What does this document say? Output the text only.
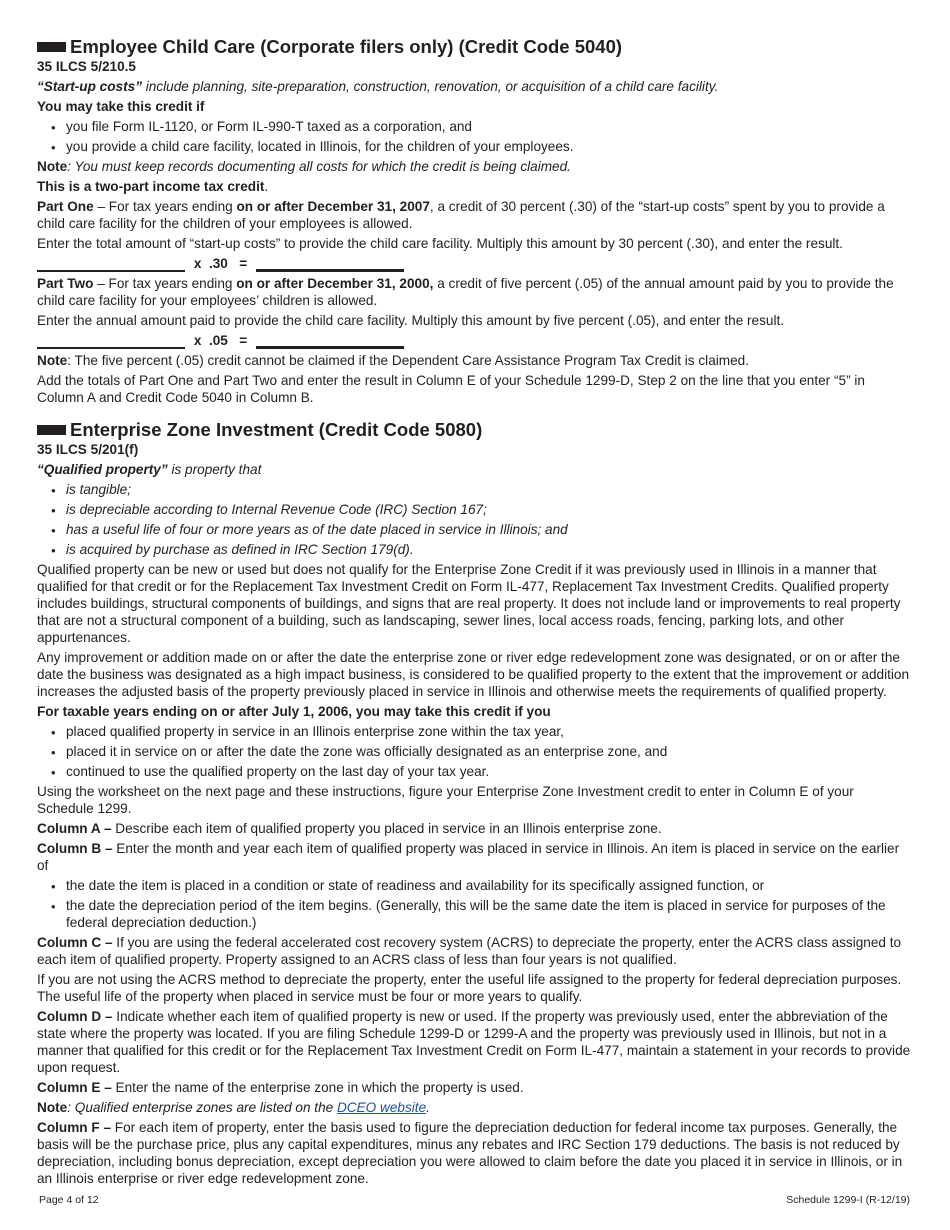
Employee Child Care (Corporate filers only) (Credit Code 5040)

35 ILCS 5/210.5

“Start-up costs” include planning, site-preparation, construction, renovation, or acquisition of a child care facility.

You may take this credit if

• you file Form IL-1120, or Form IL-990-T taxed as a corporation, and
• you provide a child care facility, located in Illinois, for the children of your employees.

Note: You must keep records documenting all costs for which the credit is being claimed.

This is a two-part income tax credit.

Part One – For tax years ending on or after December 31, 2007, a credit of 30 percent (.30) of the “start-up costs” spent by you to provide a child care facility for the children of your employees is allowed.

Enter the total amount of “start-up costs” to provide the child care facility. Multiply this amount by 30 percent (.30), and enter the result.

x  .30   =

Part Two – For tax years ending on or after December 31, 2000, a credit of five percent (.05) of the annual amount paid by you to provide the child care facility for your employees’ children is allowed.

Enter the annual amount paid to provide the child care facility. Multiply this amount by five percent (.05), and enter the result.

x  .05   =

Note: The five percent (.05) credit cannot be claimed if the Dependent Care Assistance Program Tax Credit is claimed.

Add the totals of Part One and Part Two and enter the result in Column E of your Schedule 1299-D, Step 2 on the line that you enter “5” in Column A and Credit Code 5040 in Column B.

Enterprise Zone Investment (Credit Code 5080)

35 ILCS 5/201(f)

“Qualified property” is property that

• is tangible;
• is depreciable according to Internal Revenue Code (IRC) Section 167;
• has a useful life of four or more years as of the date placed in service in Illinois; and
• is acquired by purchase as defined in IRC Section 179(d).

Qualified property can be new or used but does not qualify for the Enterprise Zone Credit if it was previously used in Illinois in a manner that qualified for that credit or for the Replacement Tax Investment Credit on Form IL-477, Replacement Tax Investment Credits. Qualified property includes buildings, structural components of buildings, and signs that are real property. It does not include land or improvements to real property that are not a structural component of a building, such as landscaping, sewer lines, local access roads, fencing, parking lots, and other appurtenances.

Any improvement or addition made on or after the date the enterprise zone or river edge redevelopment zone was designated, or on or after the date the business was designated as a high impact business, is considered to be qualified property to the extent that the improvement or addition increases the adjusted basis of the property previously placed in service in Illinois and otherwise meets the requirements of qualified property.

For taxable years ending on or after July 1, 2006, you may take this credit if you

• placed qualified property in service in an Illinois enterprise zone within the tax year,
• placed it in service on or after the date the zone was officially designated as an enterprise zone, and
• continued to use the qualified property on the last day of your tax year.

Using the worksheet on the next page and these instructions, figure your Enterprise Zone Investment credit to enter in Column E of your Schedule 1299.

Column A – Describe each item of qualified property you placed in service in an Illinois enterprise zone.

Column B – Enter the month and year each item of qualified property was placed in service in Illinois. An item is placed in service on the earlier of

• the date the item is placed in a condition or state of readiness and availability for its specifically assigned function, or
• the date the depreciation period of the item begins. (Generally, this will be the same date the item is placed in service for purposes of the federal depreciation deduction.)

Column C – If you are using the federal accelerated cost recovery system (ACRS) to depreciate the property, enter the ACRS class assigned to each item of qualified property. Property assigned to an ACRS class of less than four years is not qualified.

If you are not using the ACRS method to depreciate the property, enter the useful life assigned to the property for federal depreciation purposes. The useful life of the property when placed in service must be four or more years to qualify.

Column D – Indicate whether each item of qualified property is new or used. If the property was previously used, enter the abbreviation of the state where the property was located. If you are filing Schedule 1299-D or 1299-A and the property was previously used in Illinois, but not in a manner that qualified for this credit or for the Replacement Tax Investment Credit on Form IL-477, maintain a statement in your records to provide upon request.

Column E – Enter the name of the enterprise zone in which the property is used.

Note: Qualified enterprise zones are listed on the DCEO website.

Column F – For each item of property, enter the basis used to figure the depreciation deduction for federal income tax purposes. Generally, the basis will be the purchase price, plus any capital expenditures, minus any rebates and IRC Section 179 deductions. The basis is not reduced by depreciation, including bonus depreciation, except depreciation you were allowed to claim before the date you placed it in service in Illinois, or in an Illinois enterprise or river edge redevelopment zone.

Page 4 of 12	Schedule 1299-I (R-12/19)
